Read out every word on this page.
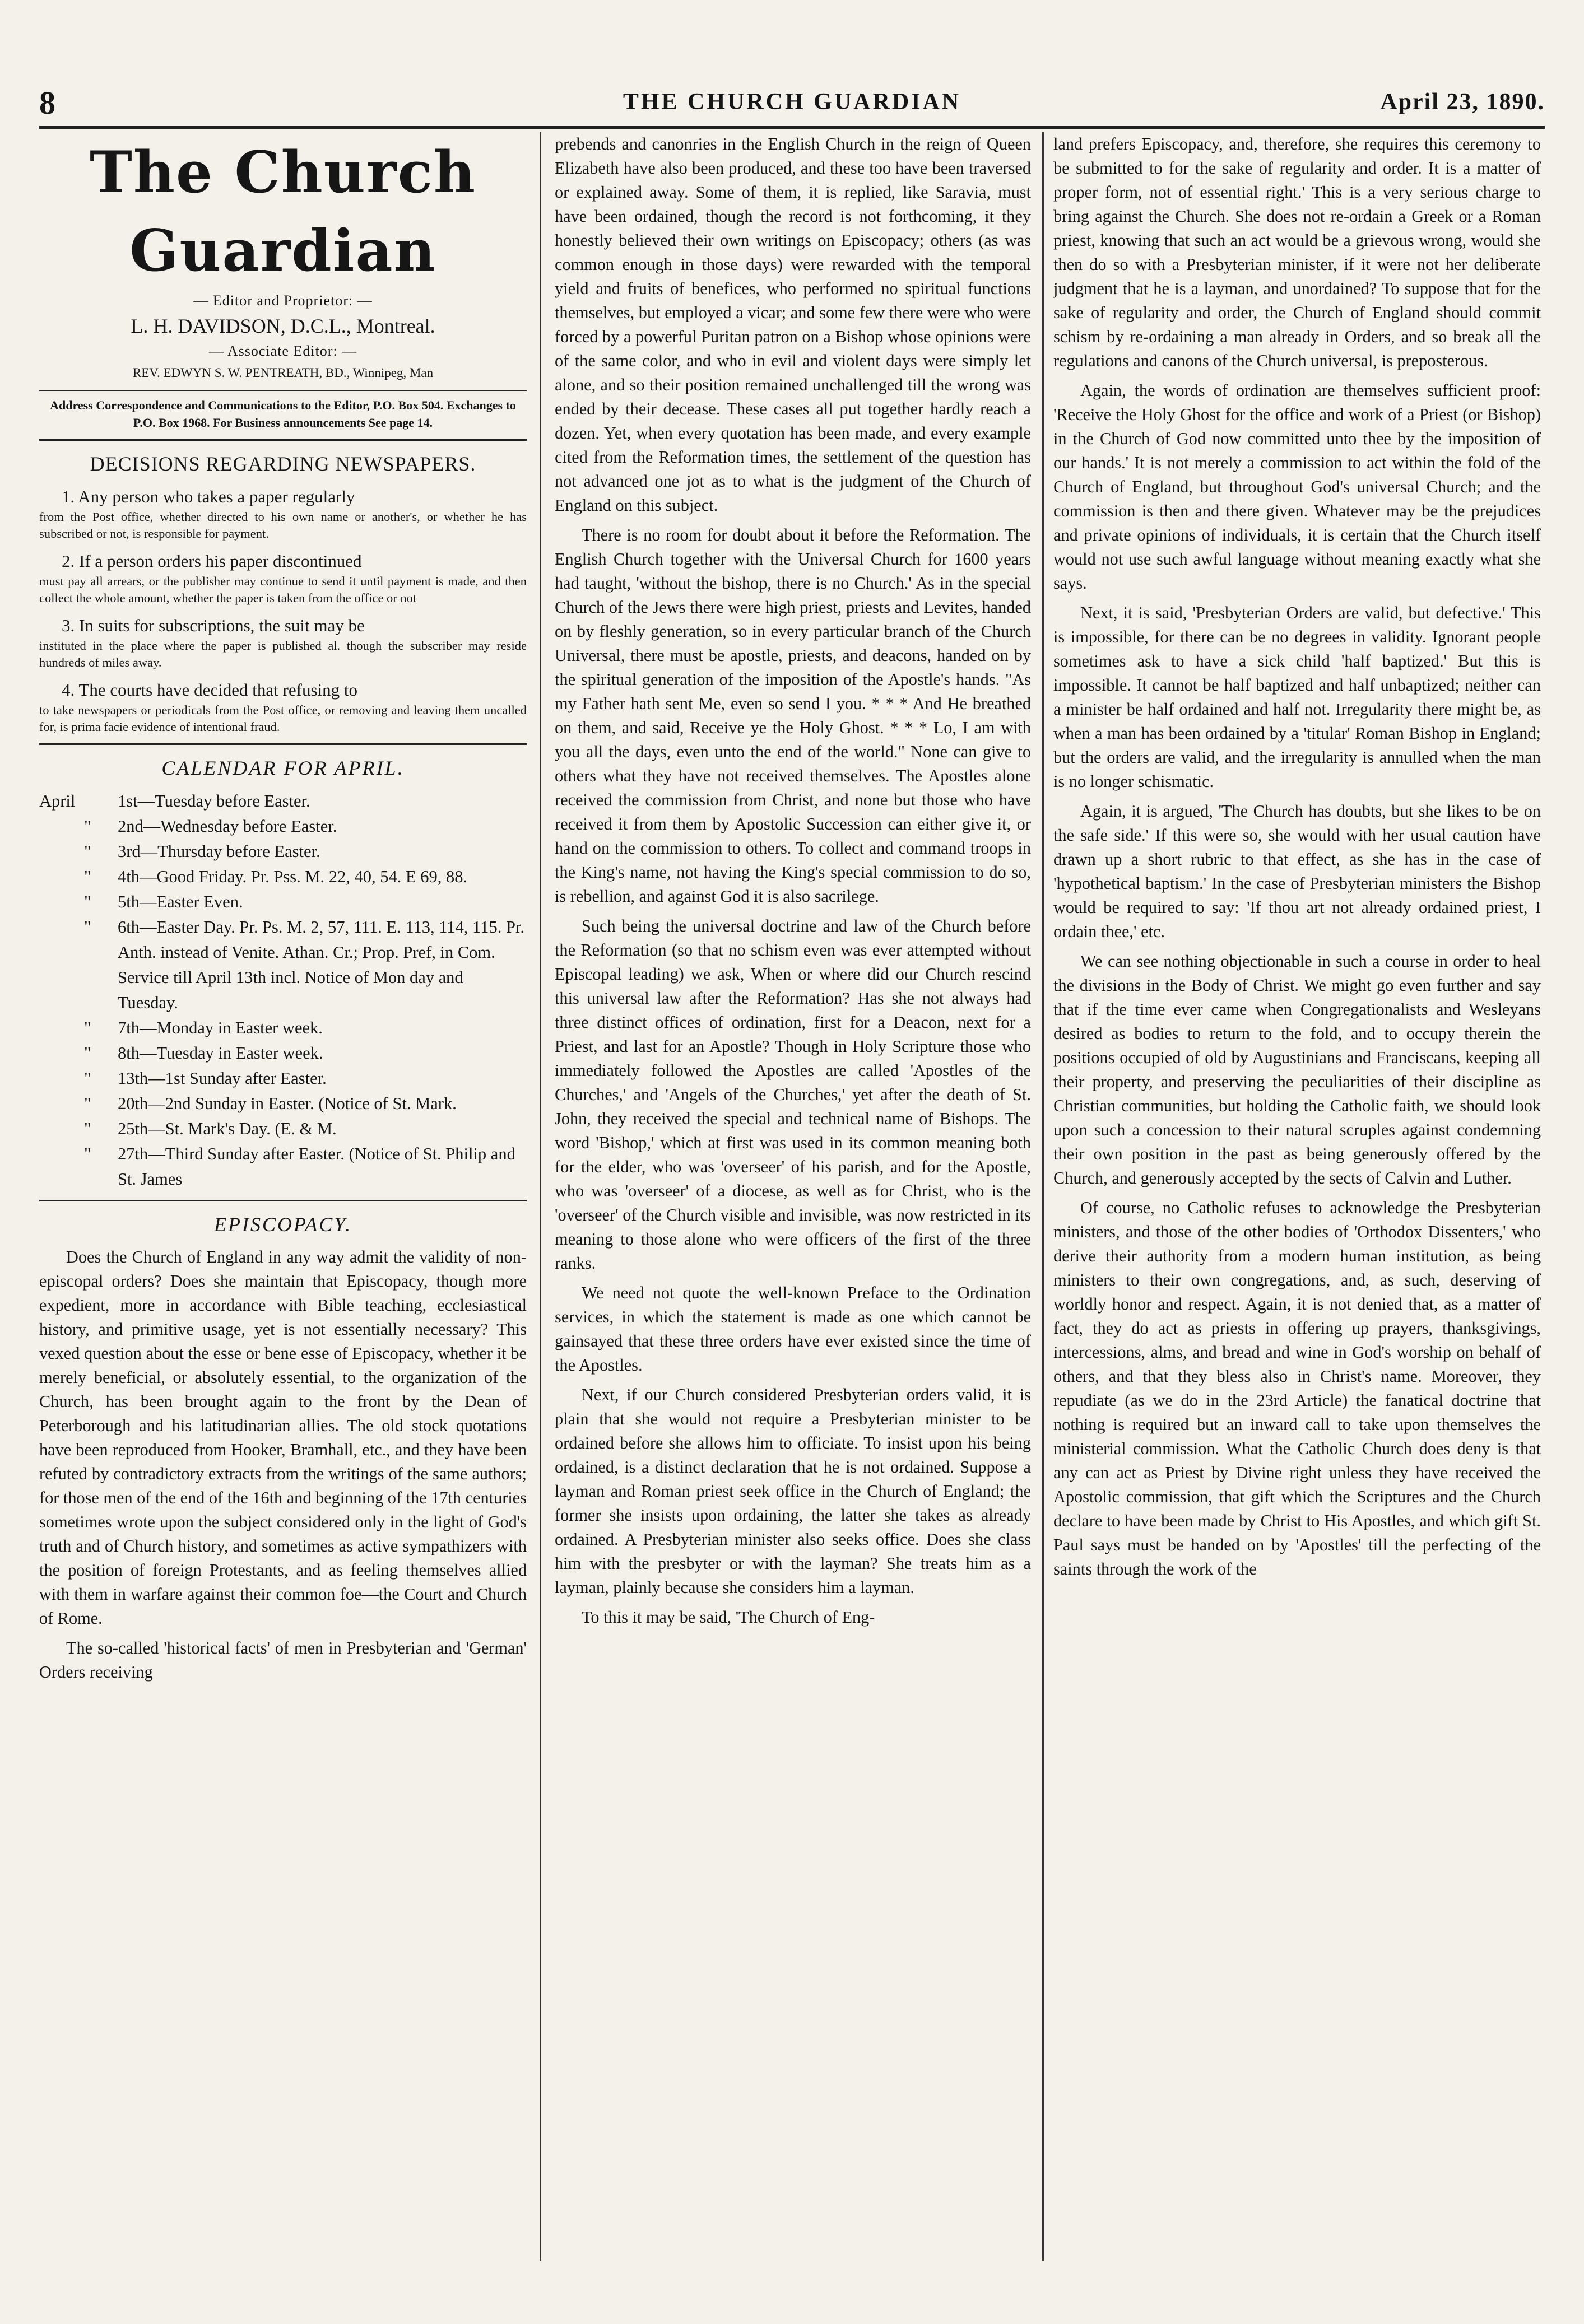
8	THE CHURCH GUARDIAN	April 23, 1890.
The Church Guardian
— Editor and Proprietor: —
L. H. DAVIDSON, D.C.L., Montreal.
— Associate Editor: —
REV. EDWYN S. W. PENTREATH, BD., Winnipeg, Man
Address Correspondence and Communications to the Editor, P.O. Box 504. Exchanges to P.O. Box 1968. For Business announcements See page 14.
DECISIONS REGARDING NEWSPAPERS.
1. Any person who takes a paper regularly
from the Post office, whether directed to his own name or another's, or whether he has subscribed or not, is responsible for payment.
2. If a person orders his paper discontinued
must pay all arrears, or the publisher may continue to send it until payment is made, and then collect the whole amount, whether the paper is taken from the office or not
3. In suits for subscriptions, the suit may be
instituted in the place where the paper is published al. though the subscriber may reside hundreds of miles away.
4. The courts have decided that refusing to
to take newspapers or periodicals from the Post office, or removing and leaving them uncalled for, is prima facie evidence of intentional fraud.
CALENDAR FOR APRIL.
April 1st—Tuesday before Easter.
"	2nd—Wednesday before Easter.
"	3rd—Thursday before Easter.
"	4th—Good Friday. Pr. Pss. M. 22, 40, 54. E 69, 88.
"	5th—Easter Even.
"	6th—Easter Day. Pr. Ps. M. 2, 57, 111. E. 113, 114, 115. Pr. Anth. instead of Venite. Athan. Cr.; Prop. Pref, in Com. Service till April 13th incl. Notice of Mon day and Tuesday.
"	7th—Monday in Easter week.
"	8th—Tuesday in Easter week.
"	13th—1st Sunday after Easter.
"	20th—2nd Sunday in Easter. (Notice of St. Mark.
"	25th—St. Mark's Day. (E. & M.
"	27th—Third Sunday after Easter. (Notice of St. Philip and St. James
EPISCOPACY.

Does the Church of England in any way admit the validity of non-episcopal orders? Does she maintain that Episcopacy, though more expedient, more in accordance with Bible teaching, ecclesiastical history, and primitive usage, yet is not essentially necessary? This vexed question about the esse or bene esse of Episcopacy, whether it be merely beneficial, or absolutely essential, to the organization of the Church, has been brought again to the front by the Dean of Peterborough and his latitudinarian allies. The old stock quotations have been reproduced from Hooker, Bramhall, etc., and they have been refuted by contradictory extracts from the writings of the same authors; for those men of the end of the 16th and beginning of the 17th centuries sometimes wrote upon the subject considered only in the light of God's truth and of Church history, and sometimes as active sympathizers with the position of foreign Protestants, and as feeling themselves allied with them in warfare against their common foe—the Court and Church of Rome.

The so-called 'historical facts' of men in Presbyterian and 'German' Orders receiving

prebends and canonries in the English Church in the reign of Queen Elizabeth have also been produced, and these too have been traversed or explained away. Some of them, it is replied, like Saravia, must have been ordained, though the record is not forthcoming, it they honestly believed their own writings on Episcopacy; others (as was common enough in those days) were rewarded with the temporal yield and fruits of benefices, who performed no spiritual functions themselves, but employed a vicar; and some few there were who were forced by a powerful Puritan patron on a Bishop whose opinions were of the same color, and who in evil and violent days were simply let alone, and so their position remained unchallenged till the wrong was ended by their decease. These cases all put together hardly reach a dozen. Yet, when every quotation has been made, and every example cited from the Reformation times, the settlement of the question has not advanced one jot as to what is the judgment of the Church of England on this subject.

There is no room for doubt about it before the Reformation. The English Church together with the Universal Church for 1600 years had taught, 'without the bishop, there is no Church.' As in the special Church of the Jews there were high priest, priests and Levites, handed on by fleshly generation, so in every particular branch of the Church Universal, there must be apostle, priests, and deacons, handed on by the spiritual generation of the imposition of the Apostle's hands. "As my Father hath sent Me, even so send I you. * * * And He breathed on them, and said, Receive ye the Holy Ghost. * * * Lo, I am with you all the days, even unto the end of the world." None can give to others what they have not received themselves. The Apostles alone received the commission from Christ, and none but those who have received it from them by Apostolic Succession can either give it, or hand on the commission to others. To collect and command troops in the King's name, not having the King's special commission to do so, is rebellion, and against God it is also sacrilege.

Such being the universal doctrine and law of the Church before the Reformation (so that no schism even was ever attempted without Episcopal leading) we ask, When or where did our Church rescind this universal law after the Reformation? Has she not always had three distinct offices of ordination, first for a Deacon, next for a Priest, and last for an Apostle? Though in Holy Scripture those who immediately followed the Apostles are called 'Apostles of the Churches,' and 'Angels of the Churches,' yet after the death of St. John, they received the special and technical name of Bishops. The word 'Bishop,' which at first was used in its common meaning both for the elder, who was 'overseer' of his parish, and for the Apostle, who was 'overseer' of a diocese, as well as for Christ, who is the 'overseer' of the Church visible and invisible, was now restricted in its meaning to those alone who were officers of the first of the three ranks.

We need not quote the well-known Preface to the Ordination services, in which the statement is made as one which cannot be gainsayed that these three orders have ever existed since the time of the Apostles.

Next, if our Church considered Presbyterian orders valid, it is plain that she would not require a Presbyterian minister to be ordained before she allows him to officiate. To insist upon his being ordained, is a distinct declaration that he is not ordained. Suppose a layman and Roman priest seek office in the Church of England; the former she insists upon ordaining, the latter she takes as already ordained. A Presbyterian minister also seeks office. Does she class him with the presbyter or with the layman? She treats him as a layman, plainly because she considers him a layman.

To this it may be said, 'The Church of Eng-

land prefers Episcopacy, and, therefore, she requires this ceremony to be submitted to for the sake of regularity and order. It is a matter of proper form, not of essential right.' This is a very serious charge to bring against the Church. She does not re-ordain a Greek or a Roman priest, knowing that such an act would be a grievous wrong, would she then do so with a Presbyterian minister, if it were not her deliberate judgment that he is a layman, and unordained? To suppose that for the sake of regularity and order, the Church of England should commit schism by re-ordaining a man already in Orders, and so break all the regulations and canons of the Church universal, is preposterous.

Again, the words of ordination are themselves sufficient proof: 'Receive the Holy Ghost for the office and work of a Priest (or Bishop) in the Church of God now committed unto thee by the imposition of our hands.' It is not merely a commission to act within the fold of the Church of England, but throughout God's universal Church; and the commission is then and there given. Whatever may be the prejudices and private opinions of individuals, it is certain that the Church itself would not use such awful language without meaning exactly what she says.

Next, it is said, 'Presbyterian Orders are valid, but defective.' This is impossible, for there can be no degrees in validity. Ignorant people sometimes ask to have a sick child 'half baptized.' But this is impossible. It cannot be half baptized and half unbaptized; neither can a minister be half ordained and half not. Irregularity there might be, as when a man has been ordained by a 'titular' Roman Bishop in England; but the orders are valid, and the irregularity is annulled when the man is no longer schismatic.

Again, it is argued, 'The Church has doubts, but she likes to be on the safe side.' If this were so, she would with her usual caution have drawn up a short rubric to that effect, as she has in the case of 'hypothetical baptism.' In the case of Presbyterian ministers the Bishop would be required to say: 'If thou art not already ordained priest, I ordain thee,' etc.

We can see nothing objectionable in such a course in order to heal the divisions in the Body of Christ. We might go even further and say that if the time ever came when Congregationalists and Wesleyans desired as bodies to return to the fold, and to occupy therein the positions occupied of old by Augustinians and Franciscans, keeping all their property, and preserving the peculiarities of their discipline as Christian communities, but holding the Catholic faith, we should look upon such a concession to their natural scruples against condemning their own position in the past as being generously offered by the Church, and generously accepted by the sects of Calvin and Luther.

Of course, no Catholic refuses to acknowledge the Presbyterian ministers, and those of the other bodies of 'Orthodox Dissenters,' who derive their authority from a modern human institution, as being ministers to their own congregations, and, as such, deserving of worldly honor and respect. Again, it is not denied that, as a matter of fact, they do act as priests in offering up prayers, thanksgivings, intercessions, alms, and bread and wine in God's worship on behalf of others, and that they bless also in Christ's name. Moreover, they repudiate (as we do in the 23rd Article) the fanatical doctrine that nothing is required but an inward call to take upon themselves the ministerial commission. What the Catholic Church does deny is that any can act as Priest by Divine right unless they have received the Apostolic commission, that gift which the Scriptures and the Church declare to have been made by Christ to His Apostles, and which gift St. Paul says must be handed on by 'Apostles' till the perfecting of the saints through the work of the
